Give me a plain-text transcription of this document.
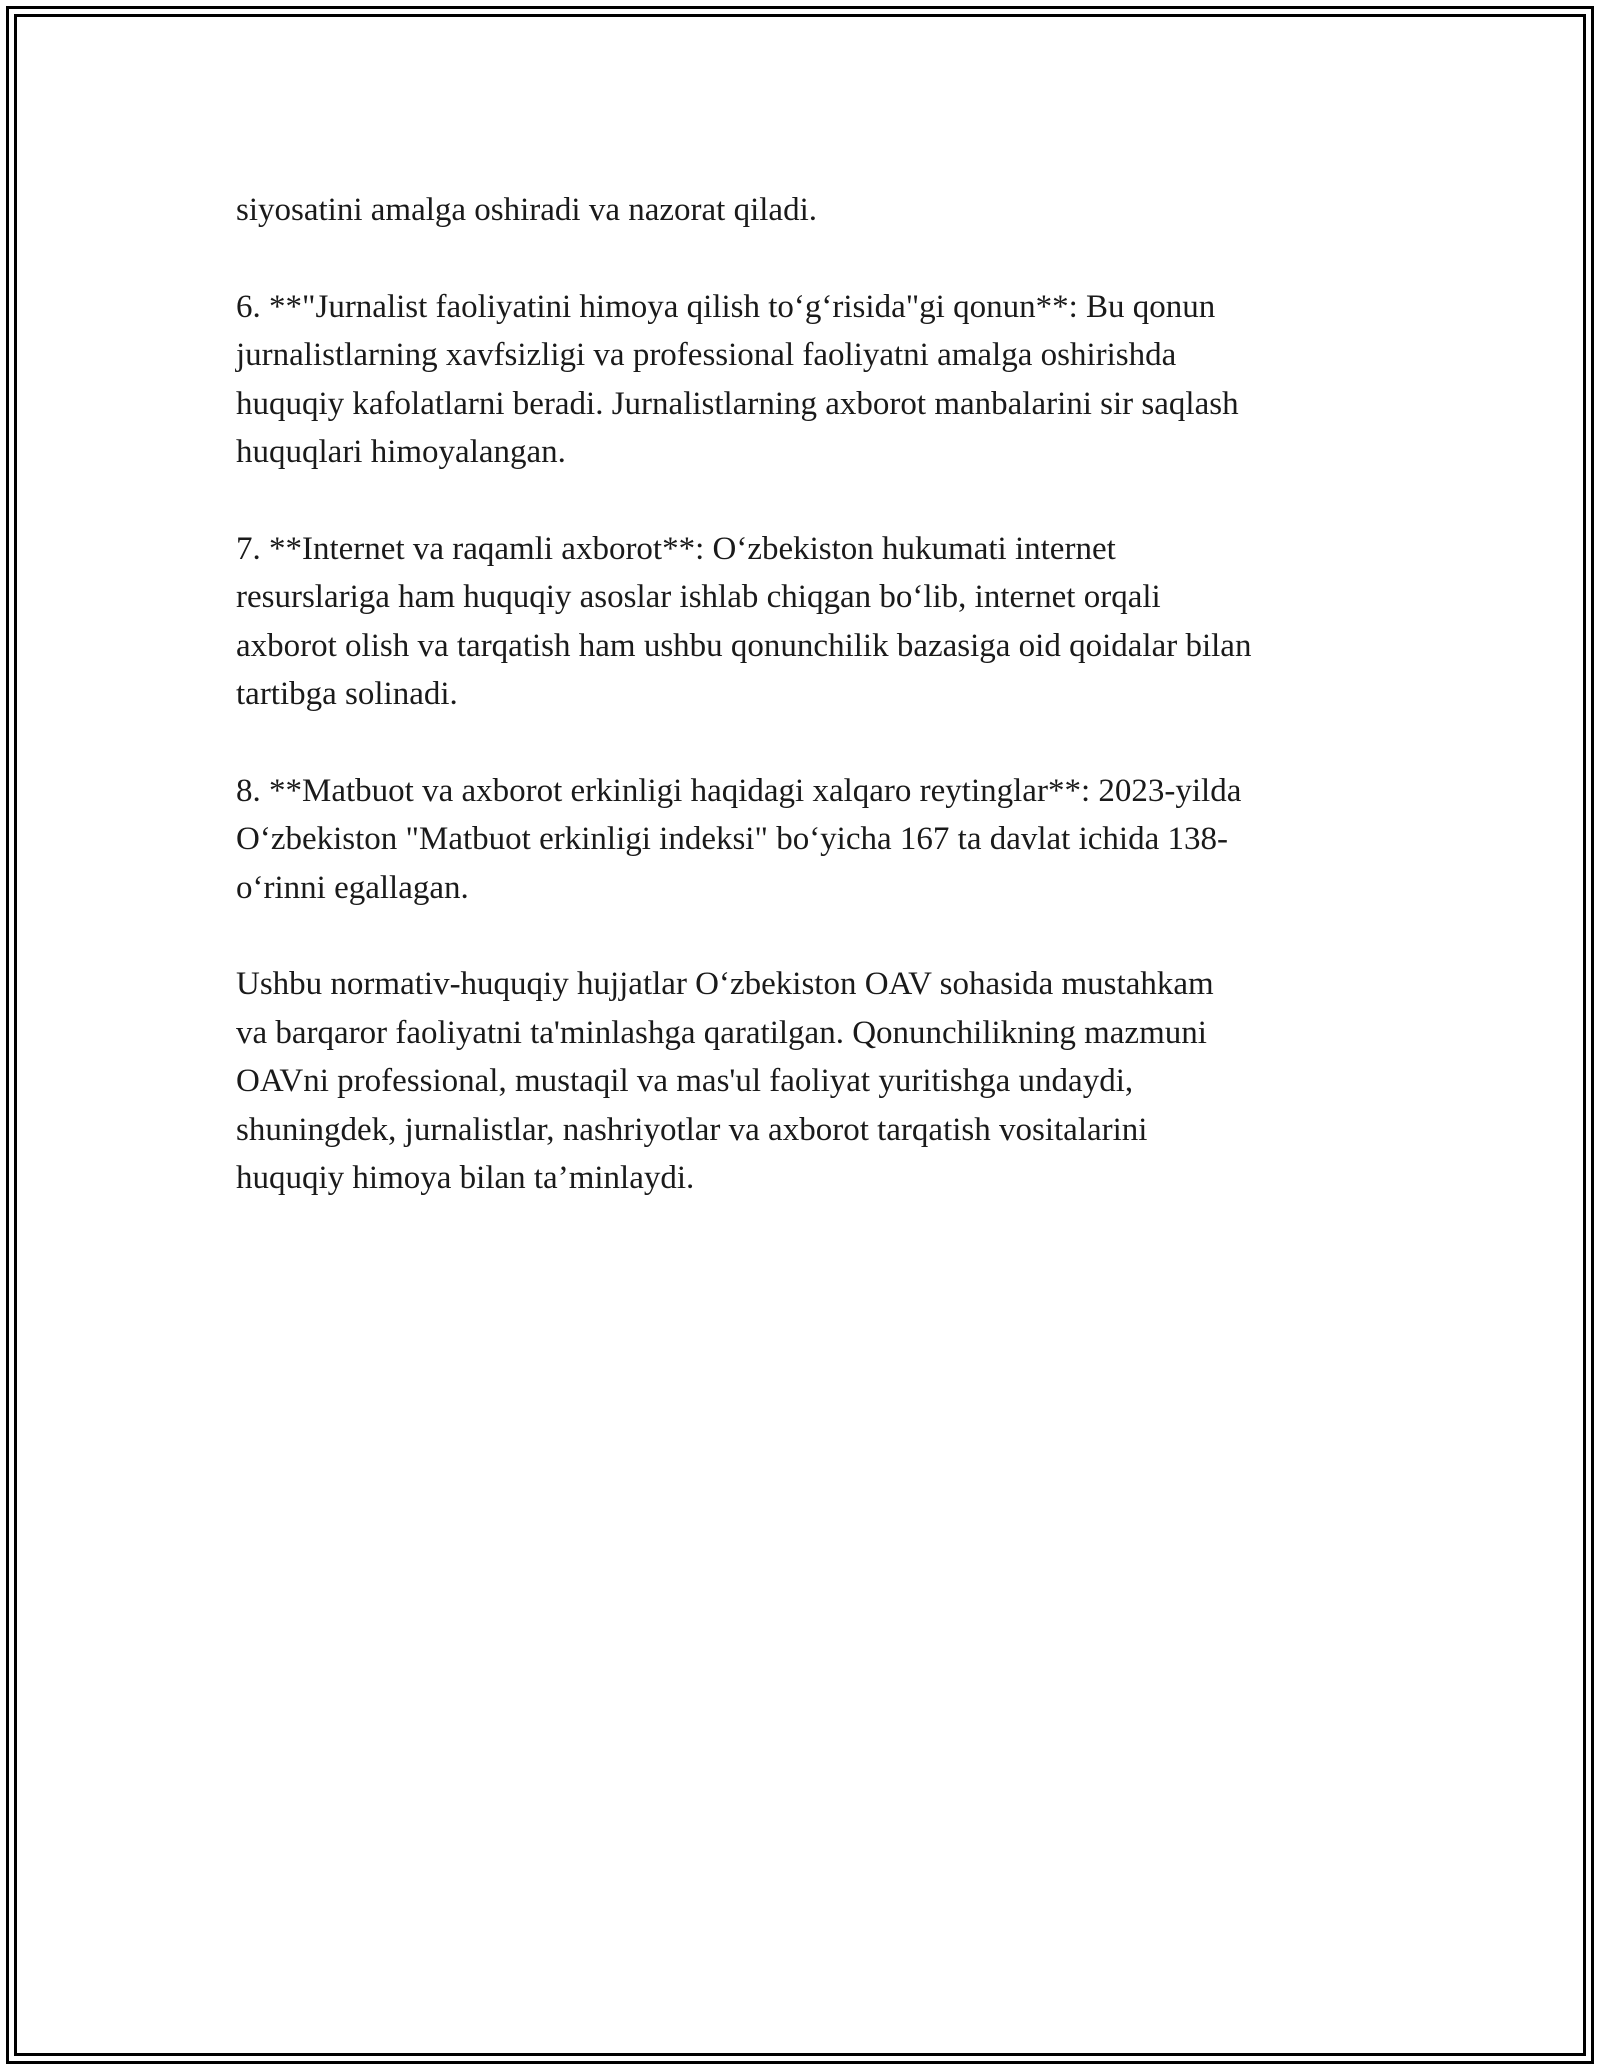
siyosatini amalga oshiradi va nazorat qiladi.

6. **"Jurnalist faoliyatini himoya qilish to‘g‘risida"gi qonun**: Bu qonun
jurnalistlarning xavfsizligi va professional faoliyatni amalga oshirishda
huquqiy kafolatlarni beradi. Jurnalistlarning axborot manbalarini sir saqlash
huquqlari himoyalangan.

7. **Internet va raqamli axborot**: O‘zbekiston hukumati internet
resurslariga ham huquqiy asoslar ishlab chiqgan bo‘lib, internet orqali
axborot olish va tarqatish ham ushbu qonunchilik bazasiga oid qoidalar bilan
tartibga solinadi.

8. **Matbuot va axborot erkinligi haqidagi xalqaro reytinglar**: 2023-yilda
O‘zbekiston "Matbuot erkinligi indeksi" bo‘yicha 167 ta davlat ichida 138-
o‘rinni egallagan.

Ushbu normativ-huquqiy hujjatlar O‘zbekiston OAV sohasida mustahkam
va barqaror faoliyatni ta'minlashga qaratilgan. Qonunchilikning mazmuni
OAVni professional, mustaqil va mas'ul faoliyat yuritishga undaydi,
shuningdek, jurnalistlar, nashriyotlar va axborot tarqatish vositalarini
huquqiy himoya bilan ta’minlaydi.
